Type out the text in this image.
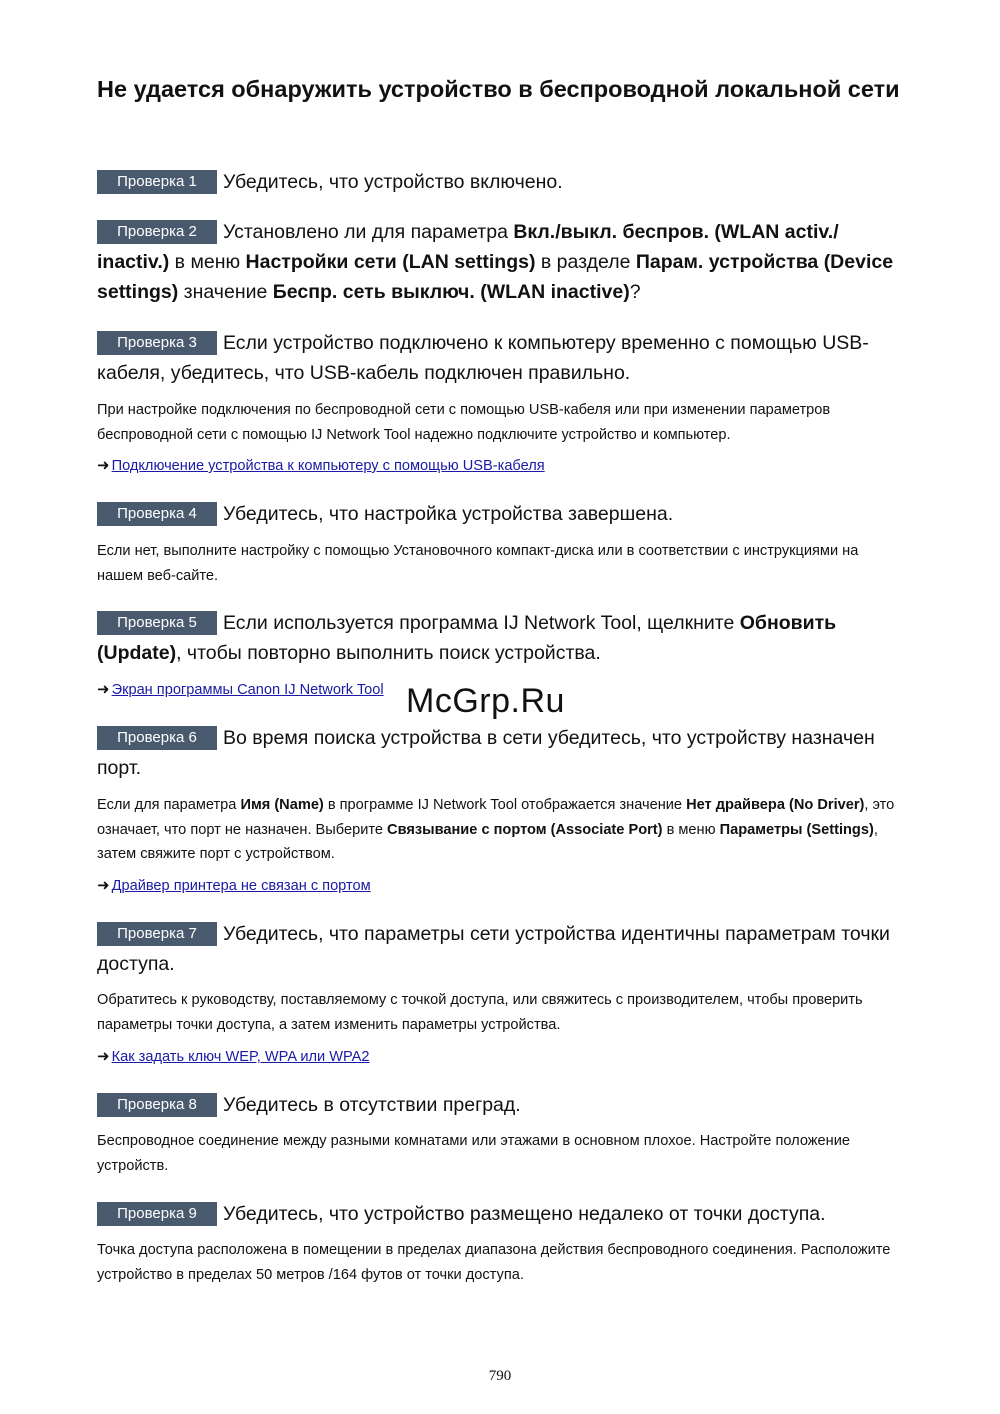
Не удается обнаружить устройство в беспроводной локальной сети

Проверка 1 Убедитесь, что устройство включено.

Проверка 2 Установлено ли для параметра Вкл./выкл. беспров. (WLAN activ./ inactiv.) в меню Настройки сети (LAN settings) в разделе Парам. устройства (Device settings) значение Беспр. сеть выключ. (WLAN inactive)?

Проверка 3 Если устройство подключено к компьютеру временно с помощью USB-кабеля, убедитесь, что USB-кабель подключен правильно.

При настройке подключения по беспроводной сети с помощью USB-кабеля или при изменении параметров беспроводной сети с помощью IJ Network Tool надежно подключите устройство и компьютер.

➜ Подключение устройства к компьютеру с помощью USB-кабеля

Проверка 4 Убедитесь, что настройка устройства завершена.

Если нет, выполните настройку с помощью Установочного компакт-диска или в соответствии с инструкциями на нашем веб-сайте.

Проверка 5 Если используется программа IJ Network Tool, щелкните Обновить (Update), чтобы повторно выполнить поиск устройства.

➜ Экран программы Canon IJ Network Tool McGrp.Ru

Проверка 6 Во время поиска устройства в сети убедитесь, что устройству назначен порт.

Если для параметра Имя (Name) в программе IJ Network Tool отображается значение Нет драйвера (No Driver), это означает, что порт не назначен. Выберите Связывание с портом (Associate Port) в меню Параметры (Settings), затем свяжите порт с устройством.

➜ Драйвер принтера не связан с портом

Проверка 7 Убедитесь, что параметры сети устройства идентичны параметрам точки доступа.

Обратитесь к руководству, поставляемому с точкой доступа, или свяжитесь с производителем, чтобы проверить параметры точки доступа, а затем изменить параметры устройства.

➜ Как задать ключ WEP, WPA или WPA2

Проверка 8 Убедитесь в отсутствии преград.

Беспроводное соединение между разными комнатами или этажами в основном плохое. Настройте положение устройств.

Проверка 9 Убедитесь, что устройство размещено недалеко от точки доступа.

Точка доступа расположена в помещении в пределах диапазона действия беспроводного соединения. Расположите устройство в пределах 50 метров /164 футов от точки доступа.

790
